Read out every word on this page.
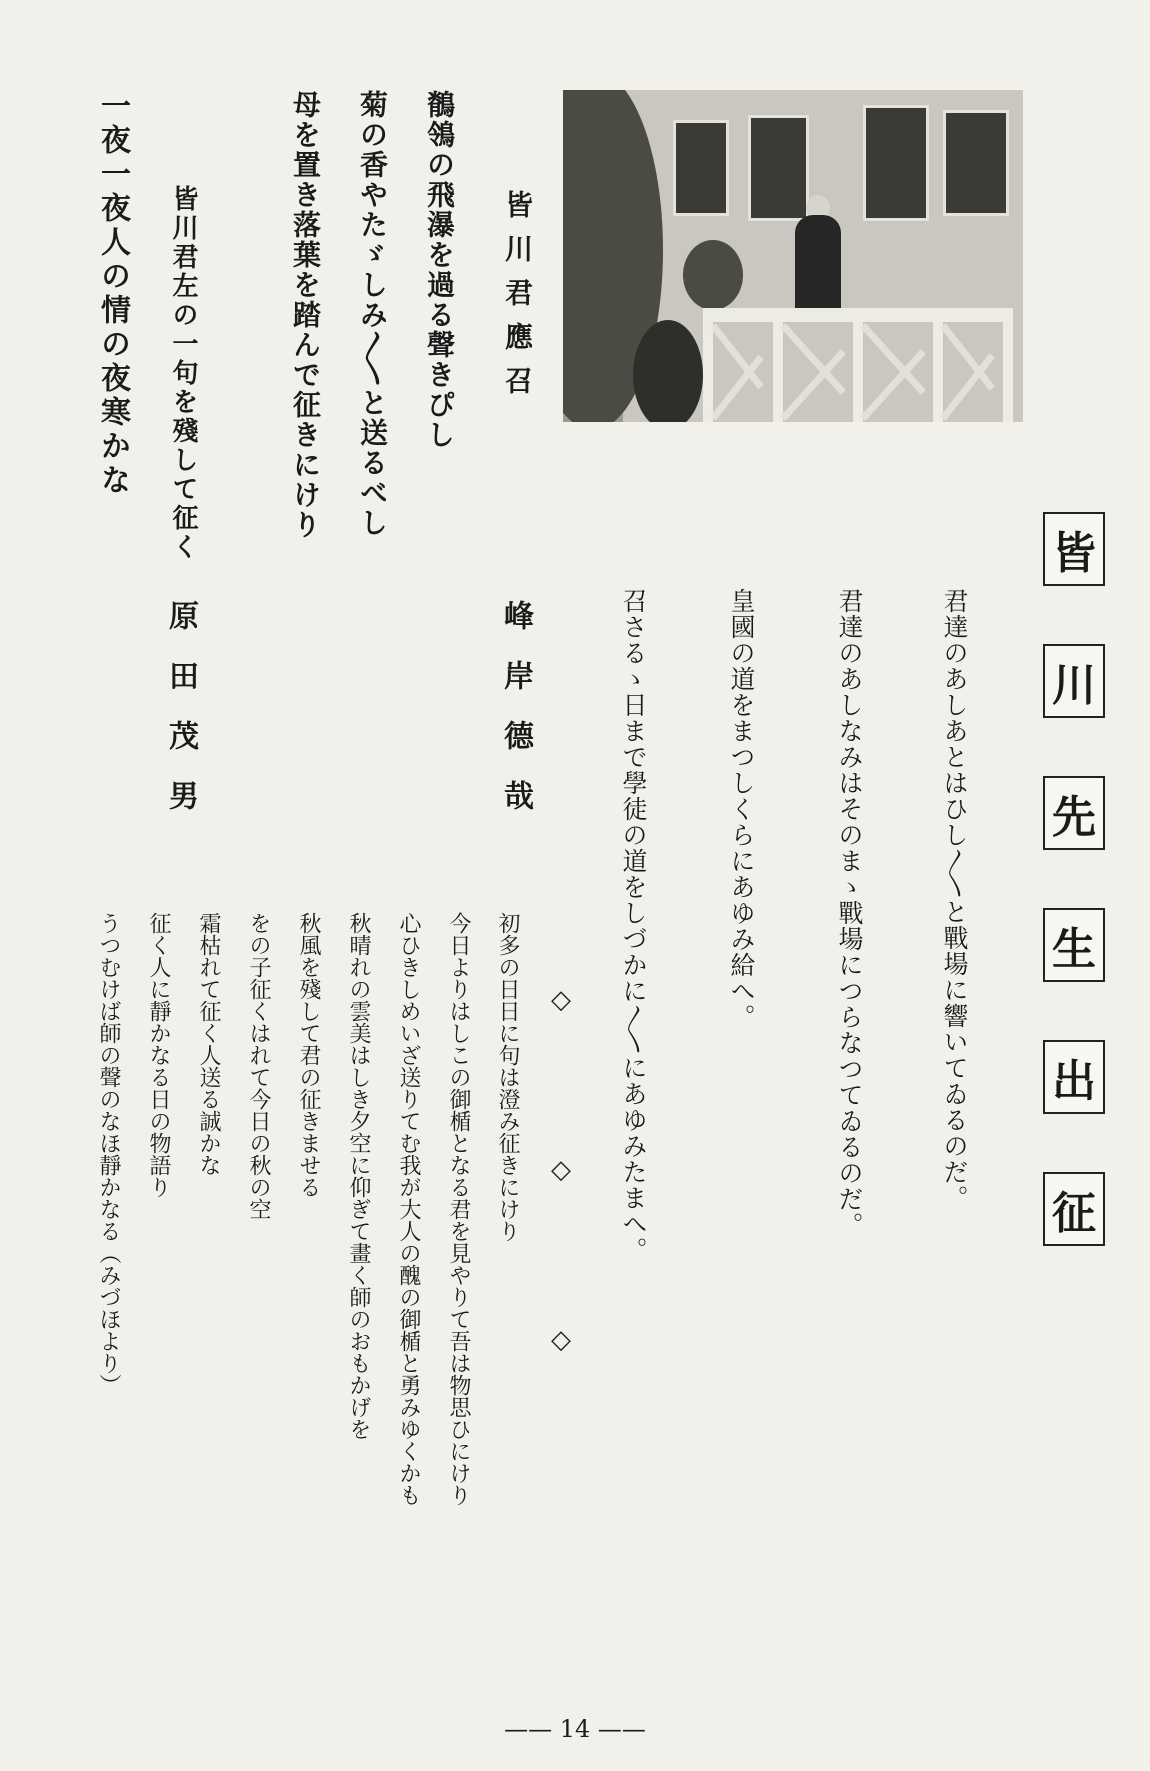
皆
川
先
生
出
征
君達のあしあとはひし〳〵と戰場に響いてゐるのだ。
君達のあしなみはそのまゝ戰場につらなつてゐるのだ。
皇國の道をまつしくらにあゆみ給へ。
召さるゝ日まで學徒の道をしづかに〳〵にあゆみたまへ。
◇
◇
◇
皆川君應召
鶺鴒の飛瀑を過る聲きぴし
菊の香やたゞしみ〳〵と送るべし
母を置き落葉を踏んで征きにけり
峰岸德哉
皆川君左の一句を殘して征く
一夜一夜人の情の夜寒かな
原田茂男
初多の日日に句は澄み征きにけり
今日よりはしこの御楯となる君を見やりて吾は物思ひにけり
心ひきしめいざ送りてむ我が大人の醜の御楯と勇みゆくかも
秋晴れの雲美はしき夕空に仰ぎて畫く師のおもかげを
秋風を殘して君の征きませる
をの子征くはれて今日の秋の空
霜枯れて征く人送る誠かな
征く人に靜かなる日の物語り
うつむけば師の聲のなほ靜かなる（みづほより）
—— 14 ——
